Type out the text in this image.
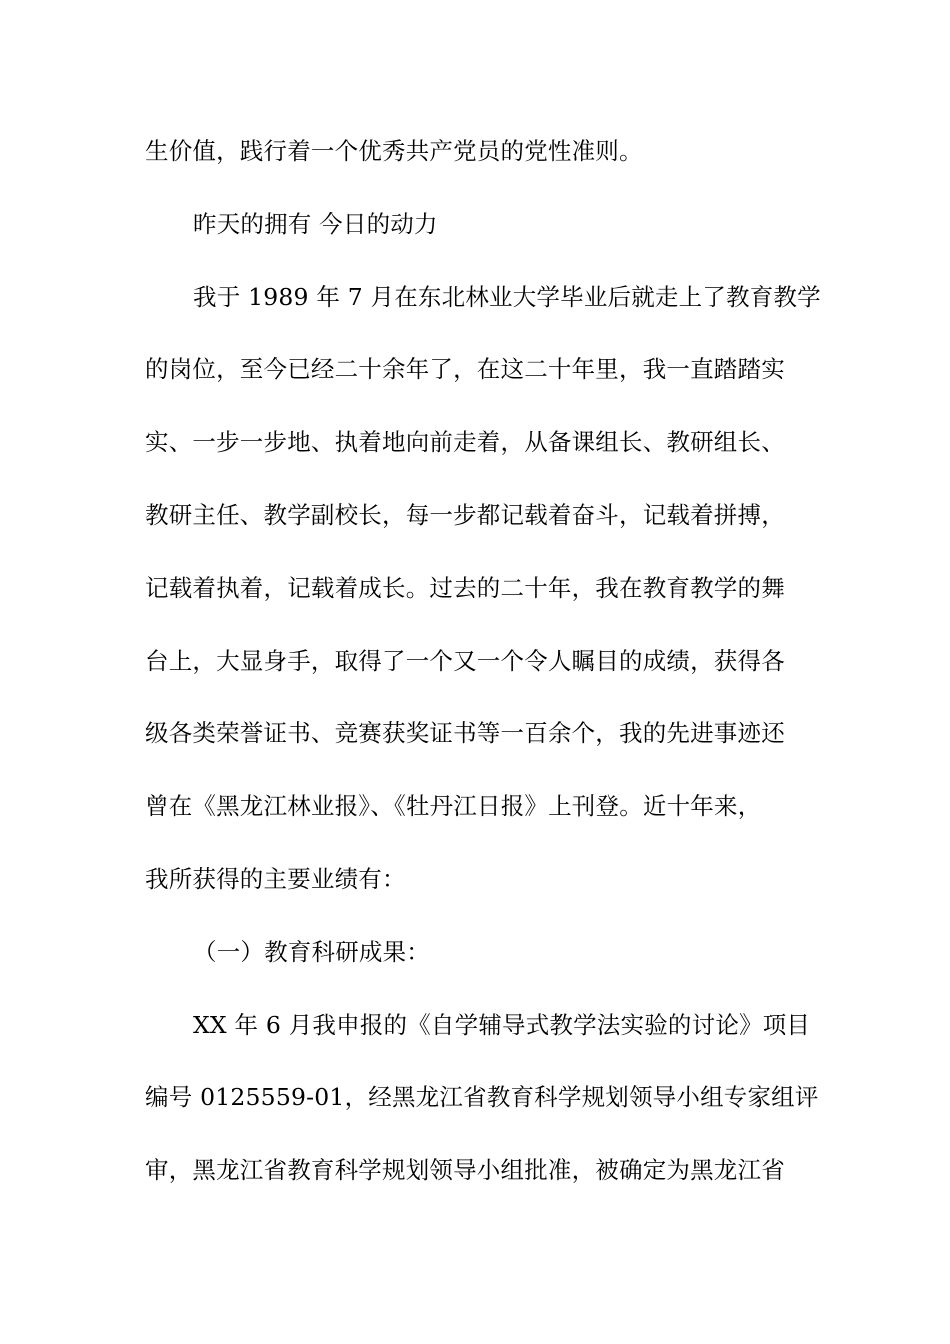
生价值，践行着一个优秀共产党员的党性准则。
昨天的拥有 今日的动力
我于 1989 年 7 月在东北林业大学毕业后就走上了教育教学
的岗位，至今已经二十余年了，在这二十年里，我一直踏踏实
实、一步一步地、执着地向前走着，从备课组长、教研组长、
教研主任、教学副校长，每一步都记载着奋斗，记载着拼搏，
记载着执着，记载着成长。过去的二十年，我在教育教学的舞
台上，大显身手，取得了一个又一个令人瞩目的成绩，获得各
级各类荣誉证书、竞赛获奖证书等一百余个，我的先进事迹还
曾在《黑龙江林业报》、《牡丹江日报》上刊登。近十年来，
我所获得的主要业绩有：
（一）教育科研成果：
XX 年 6 月我申报的《自学辅导式教学法实验的讨论》项目
编号 0125559-01，经黑龙江省教育科学规划领导小组专家组评
审，黑龙江省教育科学规划领导小组批准，被确定为黑龙江省
